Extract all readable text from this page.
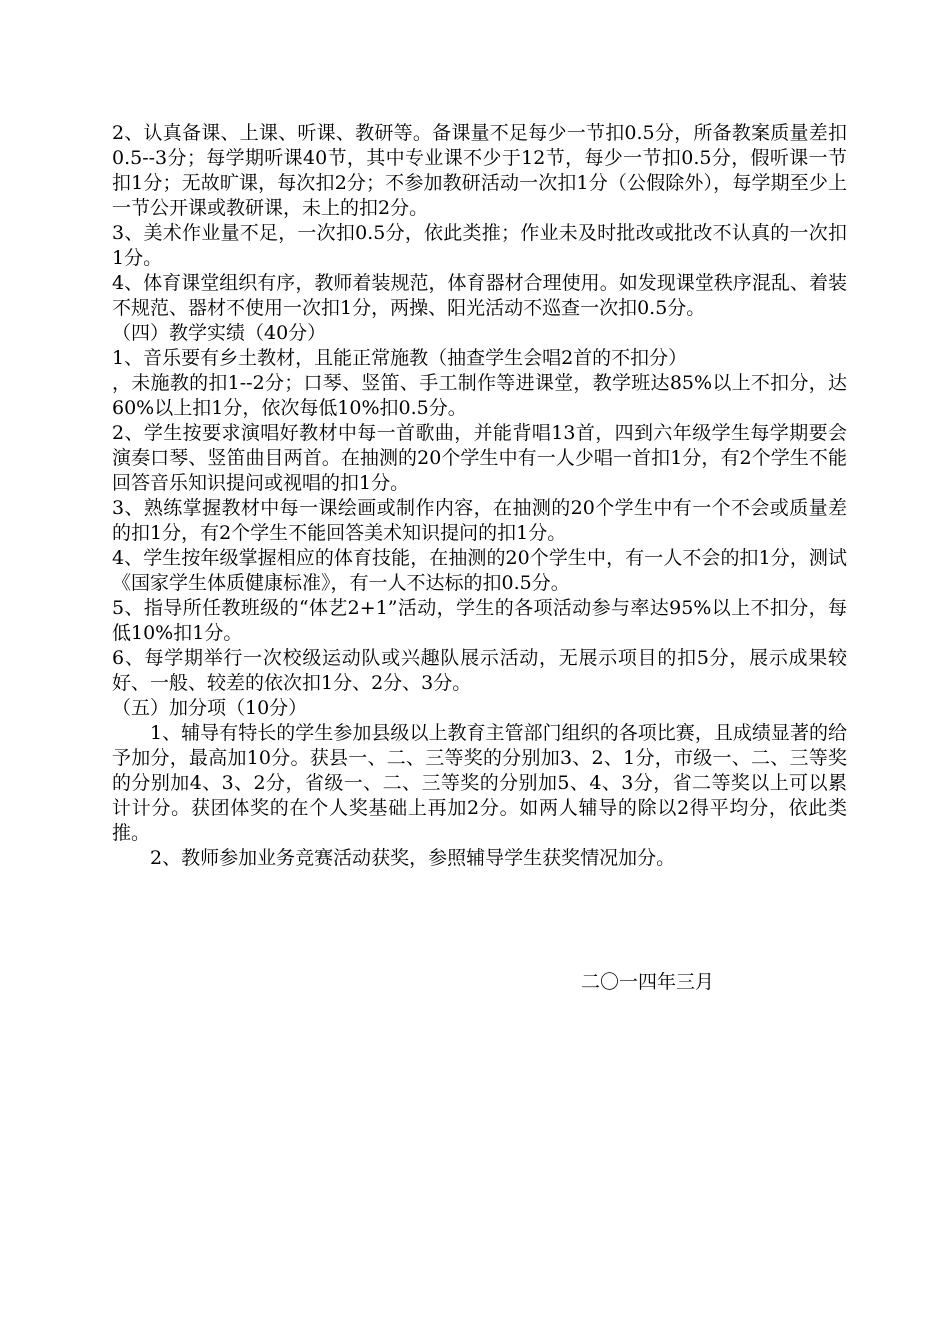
2、认真备课、上课、听课、教研等。备课量不足每少一节扣0.5分，所备教案质量差扣0.5--3分；每学期听课40节，其中专业课不少于12节，每少一节扣0.5分，假听课一节扣1分；无故旷课，每次扣2分；不参加教研活动一次扣1分（公假除外），每学期至少上一节公开课或教研课，未上的扣2分。

3、美术作业量不足，一次扣0.5分，依此类推；作业未及时批改或批改不认真的一次扣1分。

4、体育课堂组织有序，教师着装规范，体育器材合理使用。如发现课堂秩序混乱、着装不规范、器材不使用一次扣1分，两操、阳光活动不巡查一次扣0.5分。

（四）教学实绩（40分）

1、音乐要有乡土教材，且能正常施教（抽查学生会唱2首的不扣分）

，未施教的扣1--2分；口琴、竖笛、手工制作等进课堂，教学班达85%以上不扣分，达60%以上扣1分，依次每低10%扣0.5分。

2、学生按要求演唱好教材中每一首歌曲，并能背唱13首，四到六年级学生每学期要会演奏口琴、竖笛曲目两首。在抽测的20个学生中有一人少唱一首扣1分，有2个学生不能回答音乐知识提问或视唱的扣1分。

3、熟练掌握教材中每一课绘画或制作内容，在抽测的20个学生中有一个不会或质量差的扣1分，有2个学生不能回答美术知识提问的扣1分。

4、学生按年级掌握相应的体育技能，在抽测的20个学生中，有一人不会的扣1分，测试《国家学生体质健康标准》，有一人不达标的扣0.5分。

5、指导所任教班级的“体艺2+1”活动，学生的各项活动参与率达95%以上不扣分，每低10%扣1分。

6、每学期举行一次校级运动队或兴趣队展示活动，无展示项目的扣5分，展示成果较好、一般、较差的依次扣1分、2分、3分。

（五）加分项（10分）

1、辅导有特长的学生参加县级以上教育主管部门组织的各项比赛，且成绩显著的给予加分，最高加10分。获县一、二、三等奖的分别加3、2、1分，市级一、二、三等奖的分别加4、3、2分，省级一、二、三等奖的分别加5、4、3分，省二等奖以上可以累计计分。获团体奖的在个人奖基础上再加2分。如两人辅导的除以2得平均分，依此类推。

2、教师参加业务竞赛活动获奖，参照辅导学生获奖情况加分。

二〇一四年三月
